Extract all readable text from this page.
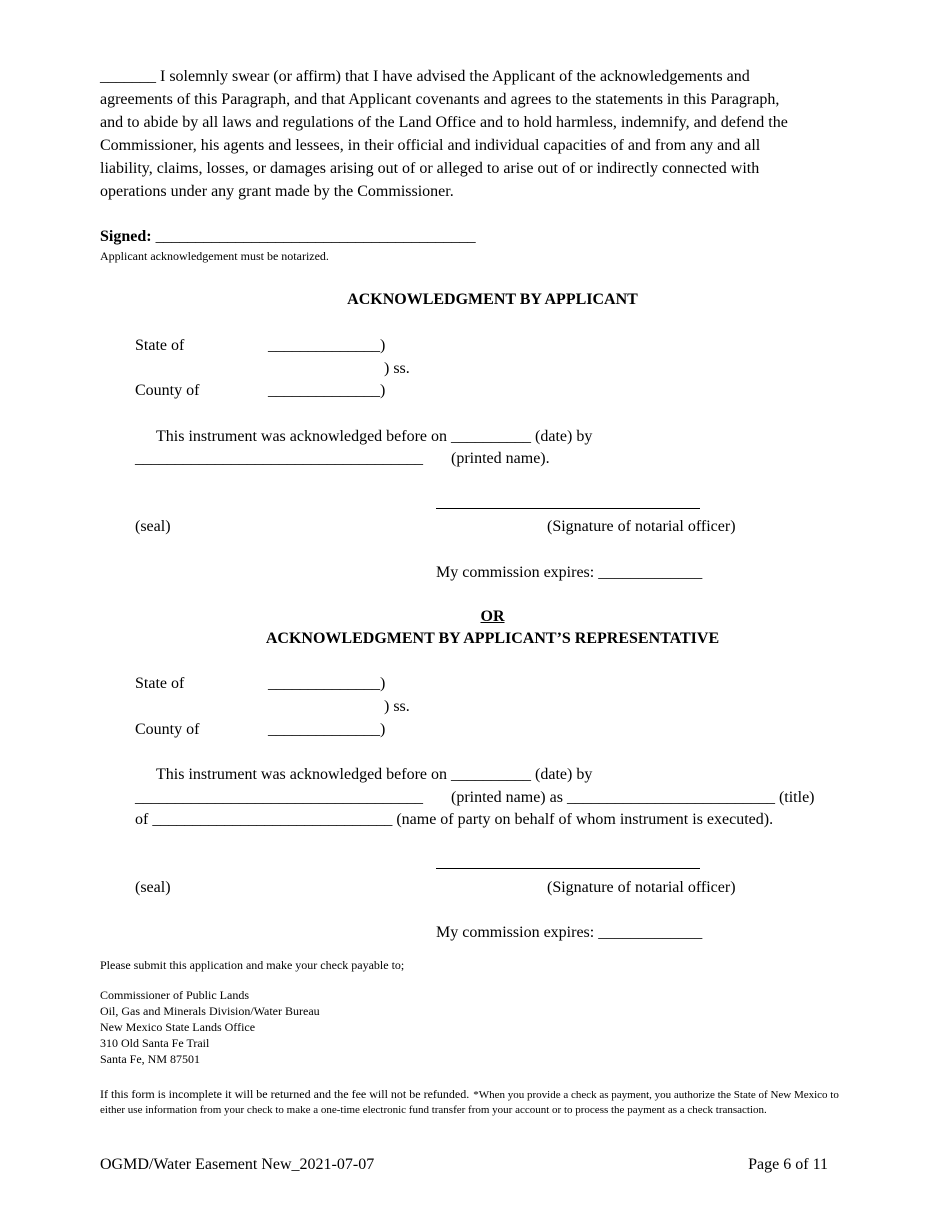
_______ I solemnly swear (or affirm) that I have advised the Applicant of the acknowledgements and
agreements of this Paragraph, and that Applicant covenants and agrees to the statements in this Paragraph,
and to abide by all laws and regulations of the Land Office and to hold harmless, indemnify, and defend the
Commissioner, his agents and lessees, in their official and individual capacities of and from any and all
liability, claims, losses, or damages arising out of or alleged to arise out of or indirectly connected with
operations under any grant made by the Commissioner.
Signed: ________________________________________
Applicant acknowledgement must be notarized.
ACKNOWLEDGMENT BY APPLICANT
State of	______________)
) ss.
County of	______________)
This instrument was acknowledged before on __________ (date) by
____________________________________ (printed name).
(seal)	(Signature of notarial officer)
My commission expires: _____________
OR
ACKNOWLEDGMENT BY APPLICANT’S REPRESENTATIVE
State of	______________)
) ss.
County of	______________)
This instrument was acknowledged before on __________ (date) by
____________________________________ (printed name) as __________________________ (title)
of ______________________________ (name of party on behalf of whom instrument is executed).
(seal)	(Signature of notarial officer)
My commission expires: _____________
Please submit this application and make your check payable to;
Commissioner of Public Lands
Oil, Gas and Minerals Division/Water Bureau
New Mexico State Lands Office
310 Old Santa Fe Trail
Santa Fe, NM 87501
If this form is incomplete it will be returned and the fee will not be refunded. *When you provide a check as payment, you authorize the State of New Mexico to
either use information from your check to make a one-time electronic fund transfer from your account or to process the payment as a check transaction.
OGMD/Water Easement New_2021-07-07	Page 6 of 11
